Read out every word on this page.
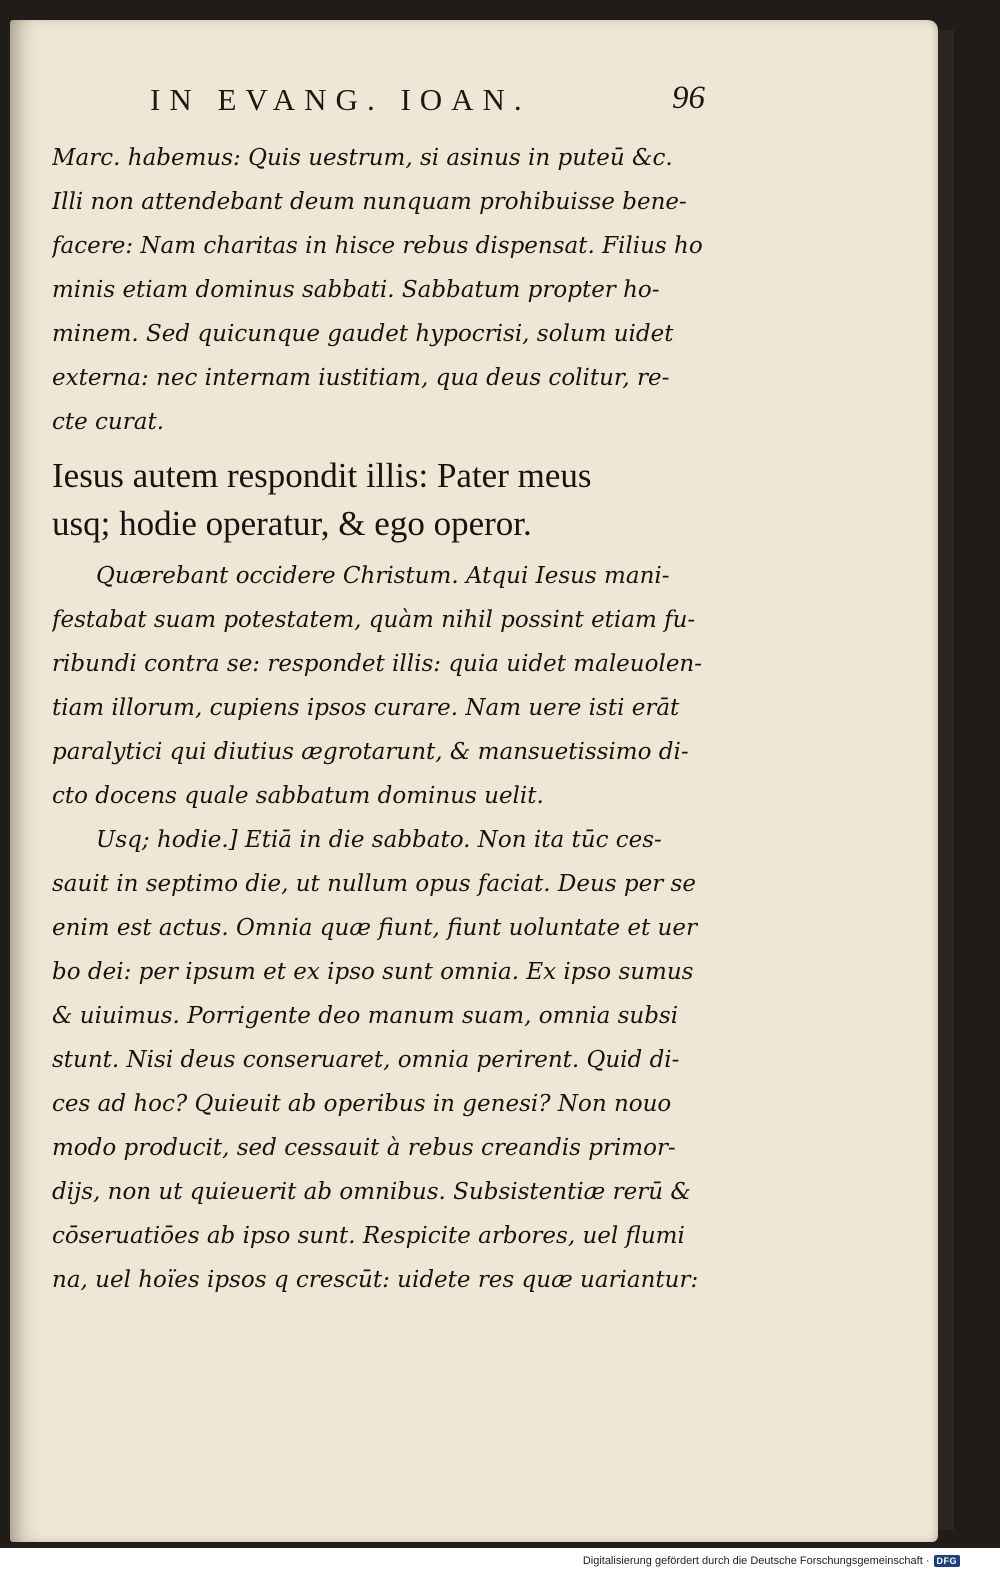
IN EVANG. IOAN.	96
Marc. habemus: Quis uestrum, si asinus in puteū &c.
Illi non attendebant deum nunquam prohibuisse bene-
facere: Nam charitas in hisce rebus dispensat. Filius ho
minis etiam dominus sabbati. Sabbatum propter ho-
minem. Sed quicunque gaudet hypocrisi, solum uidet
externa: nec internam iustitiam, qua deus colitur, re-
cte curat.
Iesus autem respondit illis: Pater meus
usq; hodie operatur, & ego operor.
Quærebant occidere Christum. Atqui Iesus mani-
festabat suam potestatem, quàm nihil possint etiam fu-
ribundi contra se: respondet illis: quia uidet maleuolen-
tiam illorum, cupiens ipsos curare. Nam uere isti erāt
paralytici qui diutius ægrotarunt, & mansuetissimo di-
cto docens quale sabbatum dominus uelit.
Usq; hodie.] Etiā in die sabbato. Non ita tūc ces-
sauit in septimo die, ut nullum opus faciat. Deus per se
enim est actus. Omnia quæ fiunt, fiunt uoluntate et uer
bo dei: per ipsum et ex ipso sunt omnia. Ex ipso sumus
& uiuimus. Porrigente deo manum suam, omnia subsi
stunt. Nisi deus conseruaret, omnia perirent. Quid di-
ces ad hoc? Quieuit ab operibus in genesi? Non nouo
modo producit, sed cessauit à rebus creandis primor-
dijs, non ut quieuerit ab omnibus. Subsistentiæ rerū &
cōseruatiōes ab ipso sunt. Respicite arbores, uel flumi
na, uel hoïes ipsos q crescūt: uidete res quæ uariantur:
Digitalisierung gefördert durch die Deutsche Forschungsgemeinschaft · DFG
